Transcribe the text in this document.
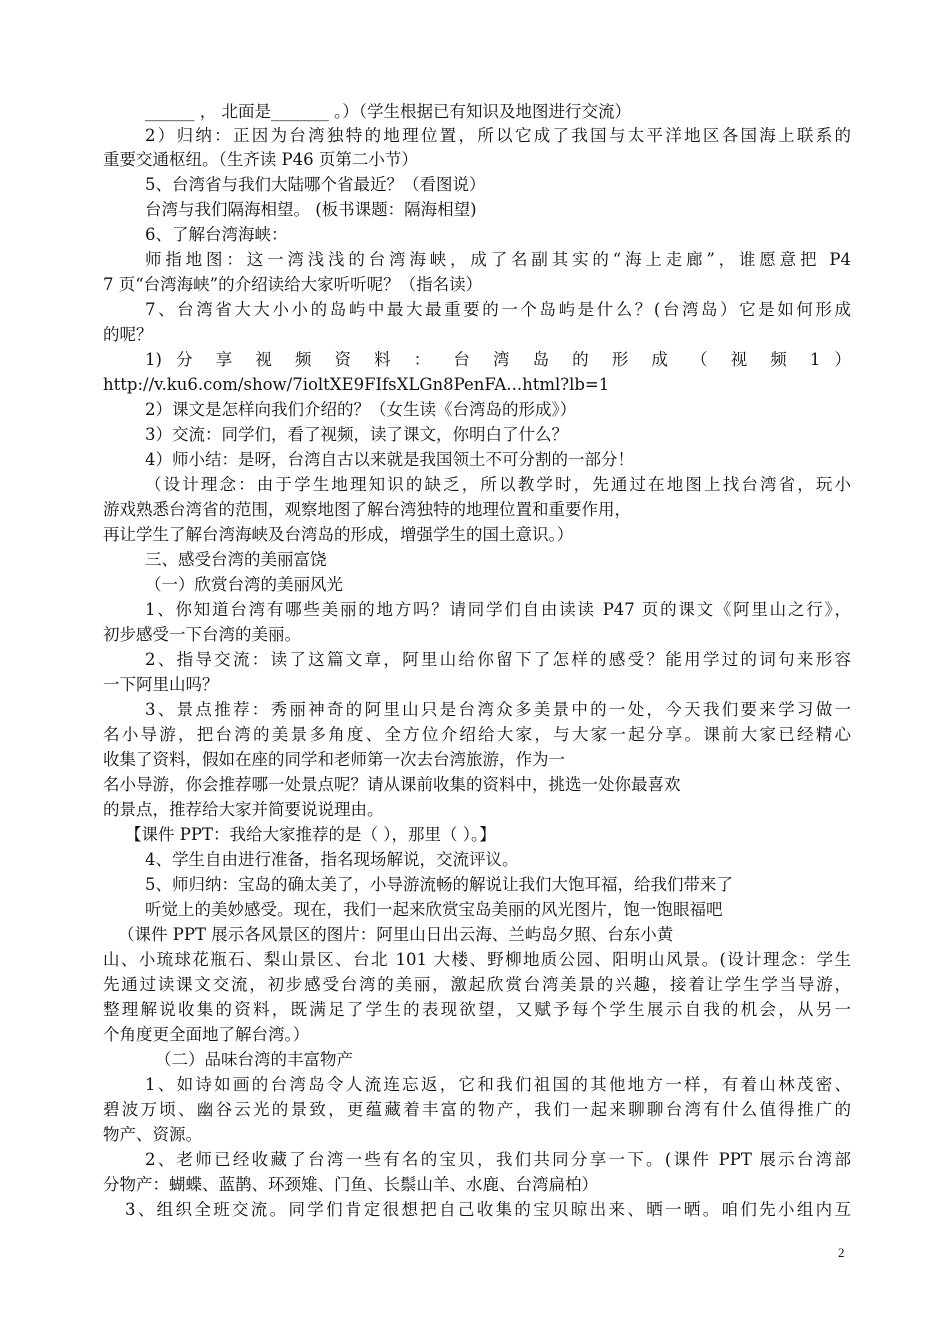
______ ， 北面是_______ 。）（学生根据已有知识及地图进行交流）
2）归纳：正因为台湾独特的地理位置，所以它成了我国与太平洋地区各国海上联系的
重要交通枢纽。（生齐读 P46 页第二小节）
5、台湾省与我们大陆哪个省最近？（看图说）
台湾与我们隔海相望。 (板书课题：隔海相望)
6、了解台湾海峡：
师指地图：这一湾浅浅的台湾海峡，成了名副其实的“海上走廊”，谁愿意把 P4
7 页“台湾海峡”的介绍读给大家听听呢？（指名读）
7、台湾省大大小小的岛屿中最大最重要的一个岛屿是什么？(台湾岛）它是如何形成
的呢？
1) 分 享 视 频 资 料 ： 台 湾 岛 的 形 成 （ 视 频 1 ）
http://v.ku6.com/show/7ioltXE9FIfsXLGn8PenFA...html?lb=1
2）课文是怎样向我们介绍的？（女生读《台湾岛的形成》）
3）交流：同学们，看了视频，读了课文，你明白了什么？
4）师小结：是呀，台湾自古以来就是我国领土不可分割的一部分！
（设计理念：由于学生地理知识的缺乏，所以教学时，先通过在地图上找台湾省，玩小
游戏熟悉台湾省的范围，观察地图了解台湾独特的地理位置和重要作用，
再让学生了解台湾海峡及台湾岛的形成，增强学生的国土意识。）
三、感受台湾的美丽富饶
（一）欣赏台湾的美丽风光
1、你知道台湾有哪些美丽的地方吗？请同学们自由读读 P47 页的课文《阿里山之行》，
初步感受一下台湾的美丽。
2、指导交流：读了这篇文章，阿里山给你留下了怎样的感受？能用学过的词句来形容
一下阿里山吗？
3、景点推荐：秀丽神奇的阿里山只是台湾众多美景中的一处，今天我们要来学习做一
名小导游，把台湾的美景多角度、全方位介绍给大家，与大家一起分享。课前大家已经精心
收集了资料，假如在座的同学和老师第一次去台湾旅游，作为一
名小导游，你会推荐哪一处景点呢？请从课前收集的资料中，挑选一处你最喜欢
的景点，推荐给大家并简要说说理由。
【课件 PPT：我给大家推荐的是（ ），那里（ ）。】
4、学生自由进行准备，指名现场解说，交流评议。
5、师归纳：宝岛的确太美了，小导游流畅的解说让我们大饱耳福，给我们带来了
听觉上的美妙感受。现在，我们一起来欣赏宝岛美丽的风光图片，饱一饱眼福吧
（课件 PPT 展示各风景区的图片：阿里山日出云海、兰屿岛夕照、台东小黄
山、小琉球花瓶石、梨山景区、台北 101 大楼、野柳地质公园、阳明山风景。(设计理念：学生
先通过读课文交流，初步感受台湾的美丽，激起欣赏台湾美景的兴趣，接着让学生学当导游，
整理解说收集的资料，既满足了学生的表现欲望，又赋予每个学生展示自我的机会，从另一
个角度更全面地了解台湾。）
（二）品味台湾的丰富物产
1、如诗如画的台湾岛令人流连忘返，它和我们祖国的其他地方一样，有着山林茂密、
碧波万顷、幽谷云光的景致，更蕴藏着丰富的物产，我们一起来聊聊台湾有什么值得推广的
物产、资源。
2、老师已经收藏了台湾一些有名的宝贝，我们共同分享一下。(课件 PPT 展示台湾部
分物产：蝴蝶、蓝鹊、环颈雉、门鱼、长鬃山羊、水鹿、台湾扁柏）
3、组织全班交流。同学们肯定很想把自己收集的宝贝晾出来、晒一晒。咱们先小组内互
2
